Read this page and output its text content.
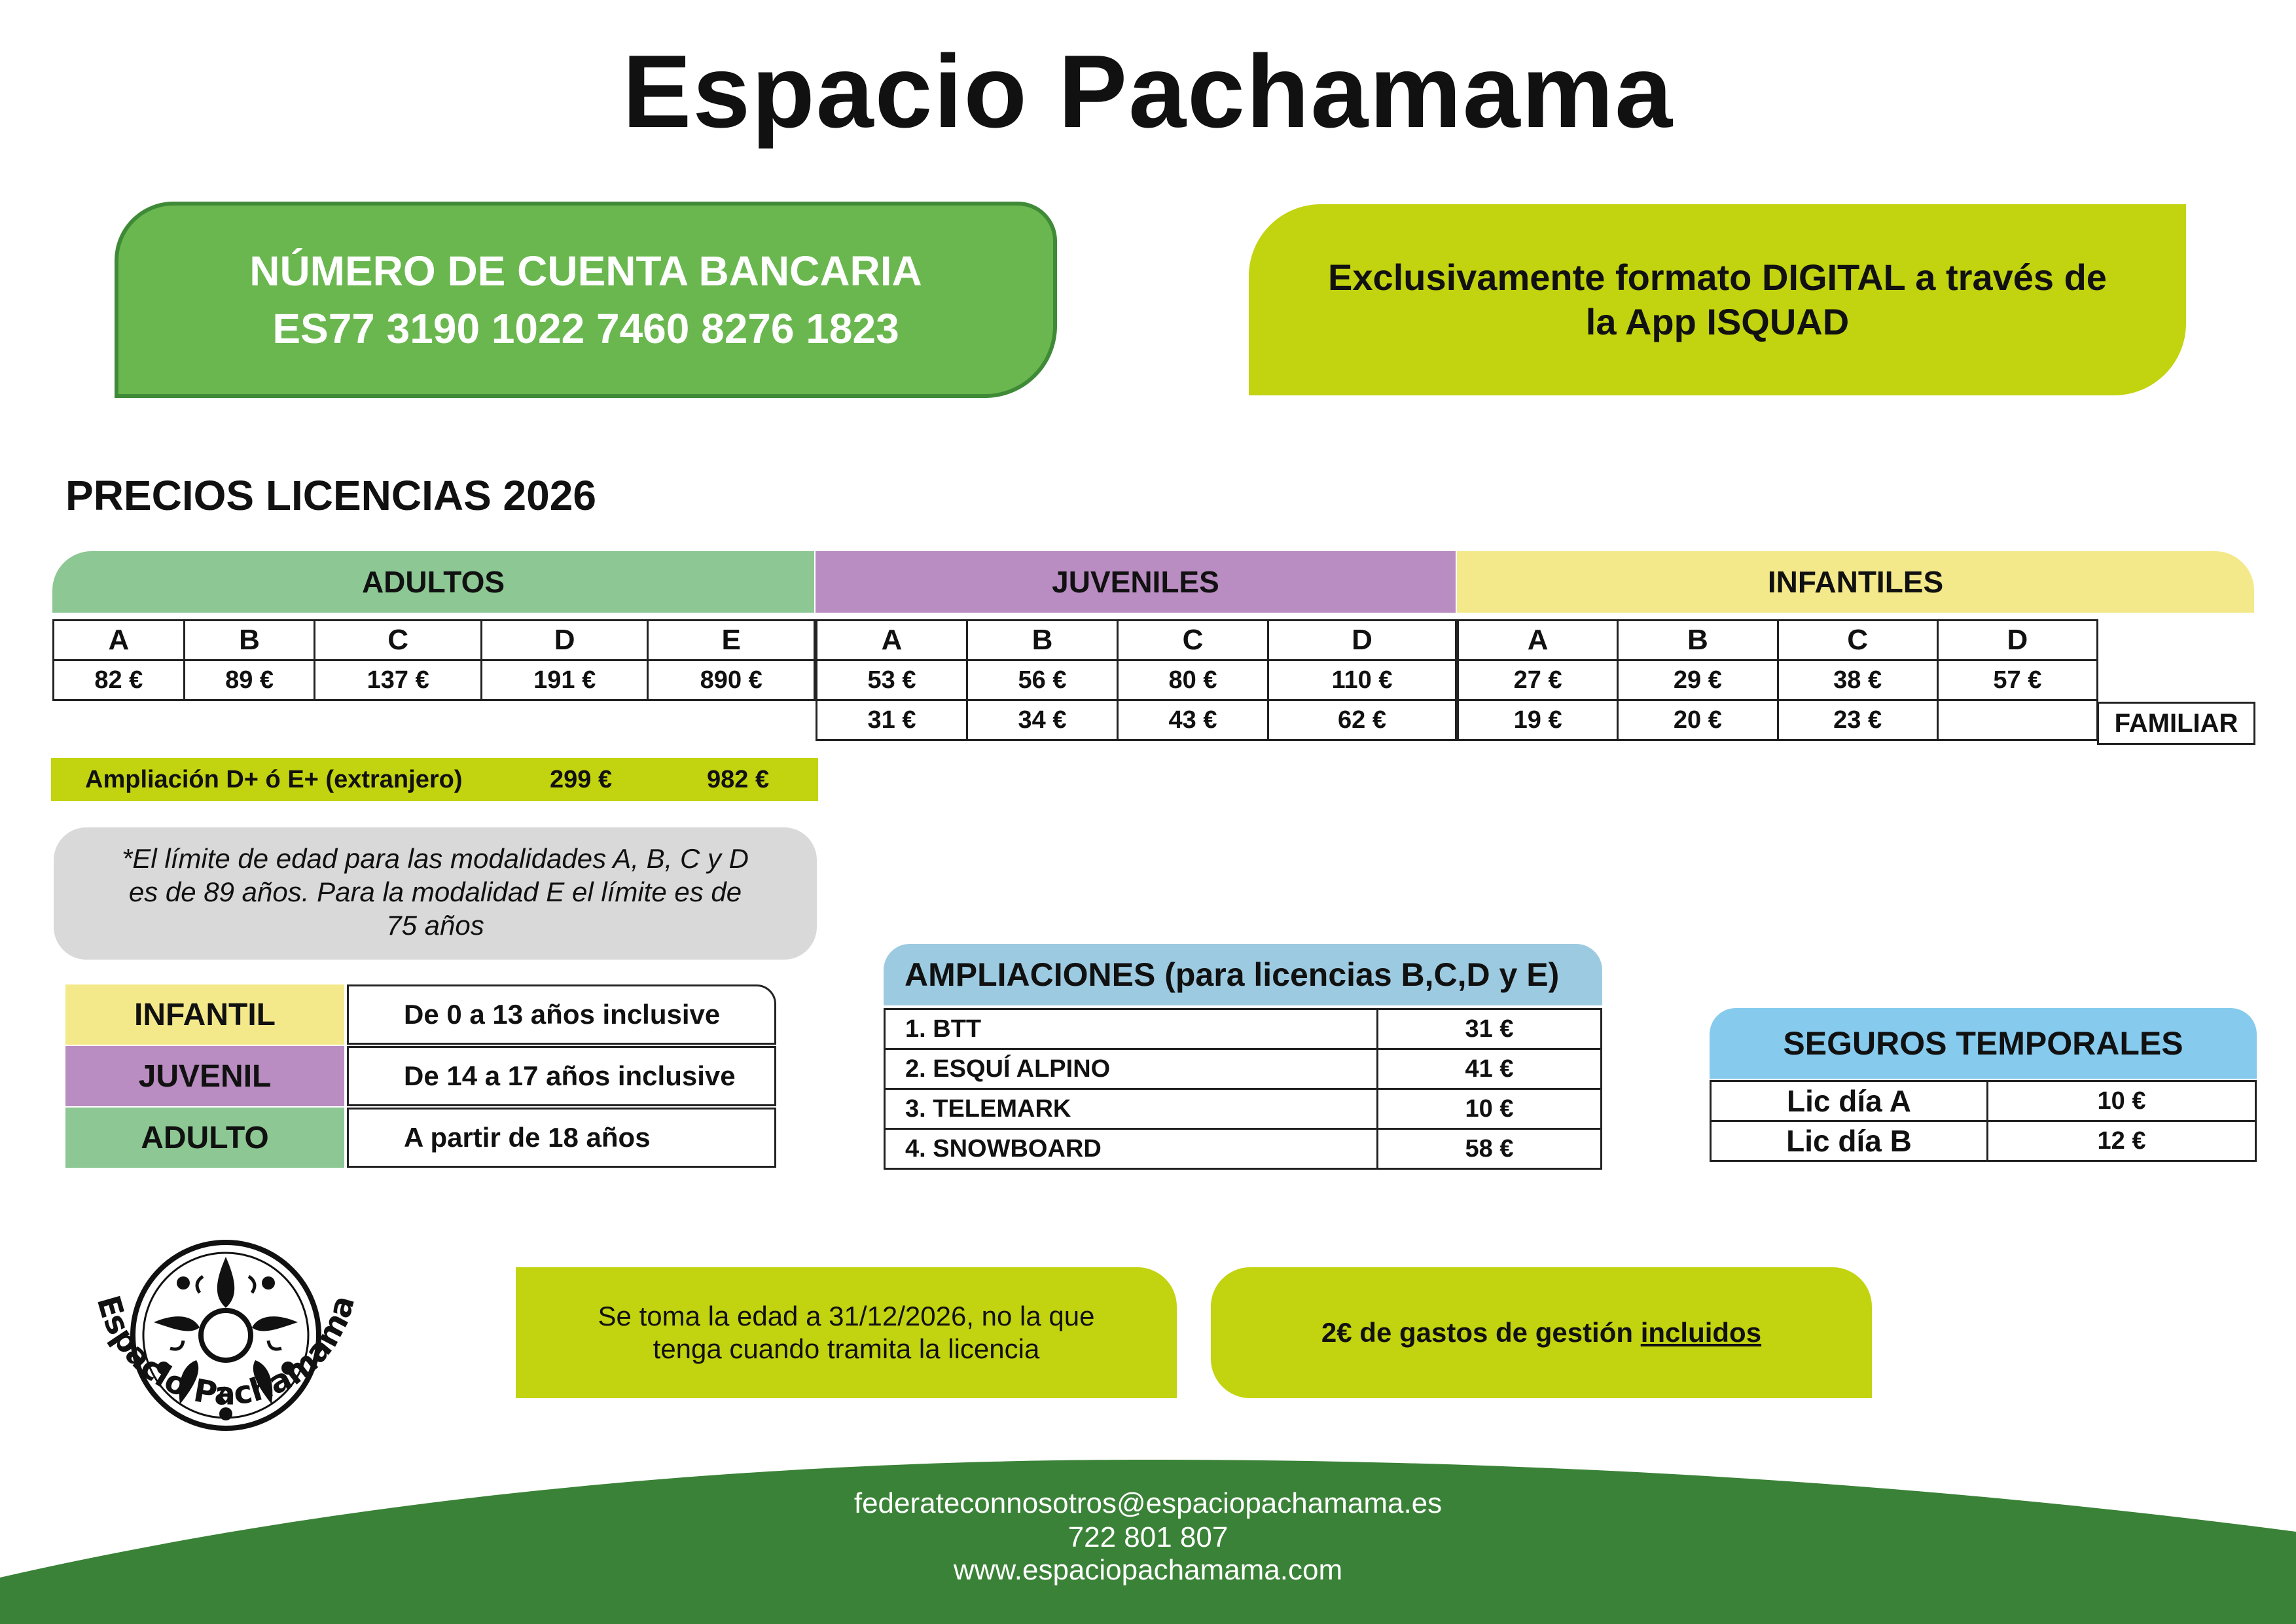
Espacio Pachamama
NÚMERO DE CUENTA BANCARIA
ES77 3190 1022 7460 8276 1823
Exclusivamente formato DIGITAL a través de
la App ISQUAD
PRECIOS LICENCIAS 2026
ADULTOS	JUVENILES	INFANTILES
A	B	C	D	E
82 €	89 €	137 €	191 €	890 €
A	B	C	D
53 €	56 €	80 €	110 €
31 €	34 €	43 €	62 €
A	B	C	D
27 €	29 €	38 €	57 €
19 €	20 €	23 €		FAMILIAR
Ampliación D+ ó E+ (extranjero)	299 €	982 €
*El límite de edad para las modalidades A, B, C y D
es de 89 años. Para la modalidad E el límite es de
75 años
INFANTIL	De 0 a 13 años inclusive
JUVENIL	De 14 a 17 años inclusive
ADULTO	A partir de 18 años
AMPLIACIONES (para licencias B,C,D y E)
1. BTT	31 €
2. ESQUÍ ALPINO	41 €
3. TELEMARK	10 €
4. SNOWBOARD	58 €
SEGUROS TEMPORALES
Lic día A	10 €
Lic día B	12 €
Se toma la edad a 31/12/2026, no la que
tenga cuando tramita la licencia
2€ de gastos de gestión
incluidos
Espacio Pachamama
federateconnosotros@espaciopachamama.es
722 801 807
www.espaciopachamama.com
